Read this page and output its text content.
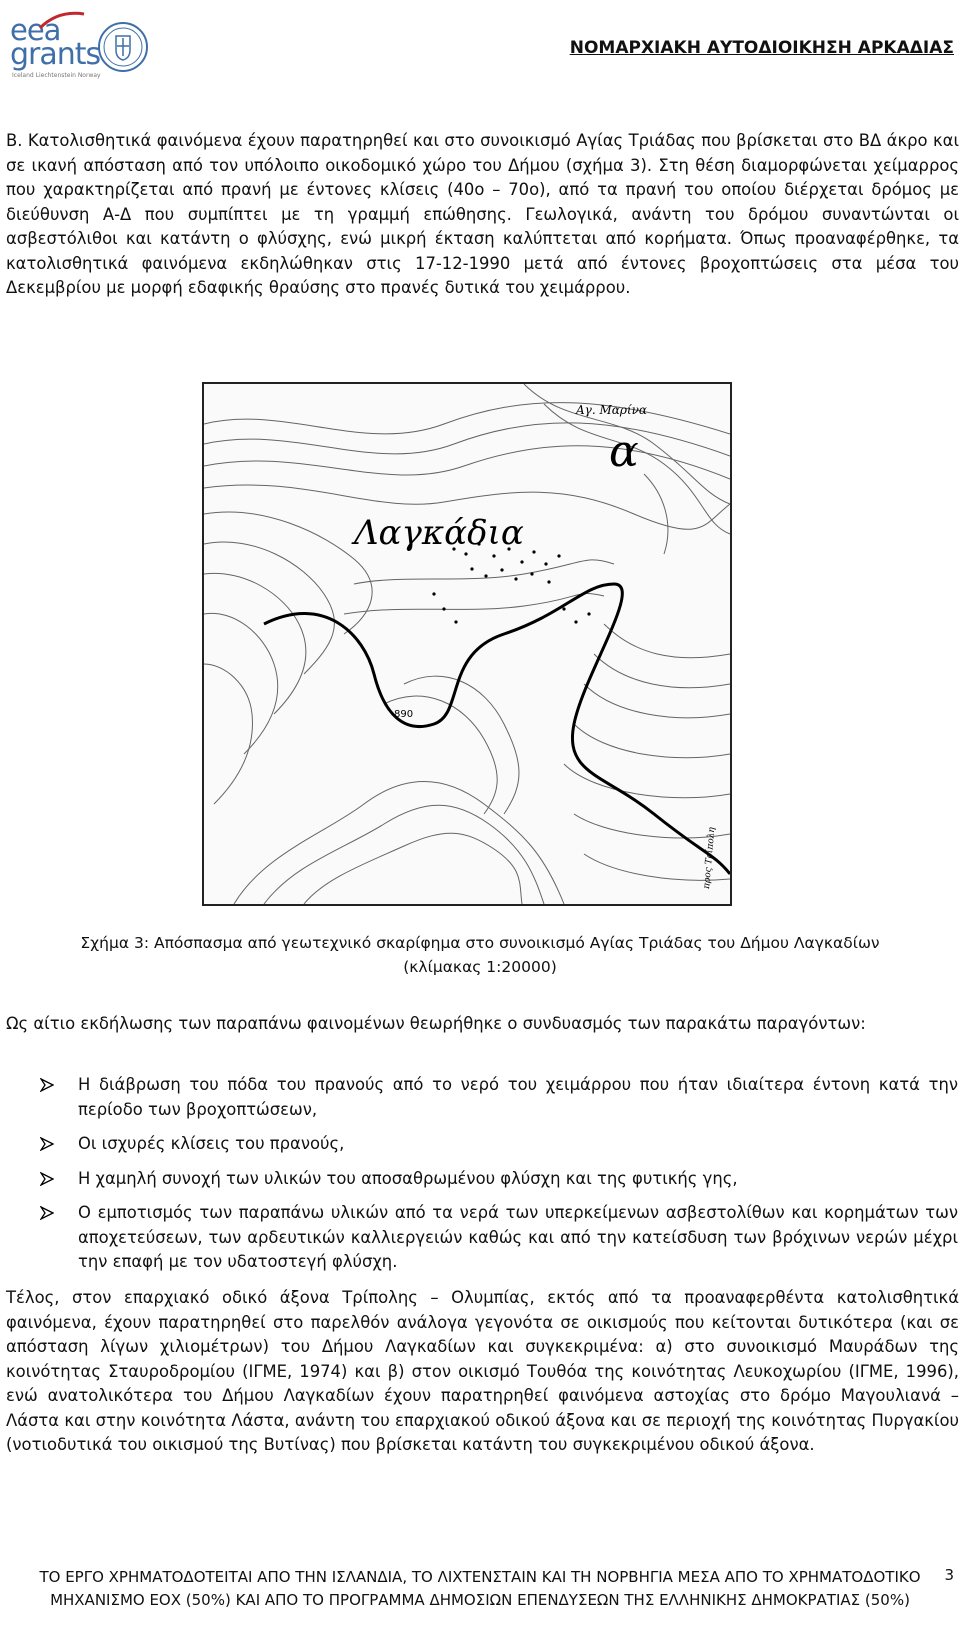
eea
grants
Iceland Liechtenstein Norway
ΝΟΜΑΡΧΙΑΚΗ ΑΥΤΟΔΙΟΙΚΗΣΗ ΑΡΚΑΔΙΑΣ

Β. Κατολισθητικά φαινόμενα έχουν παρατηρηθεί και στο συνοικισμό Αγίας Τριάδας που βρίσκεται στο ΒΔ άκρο και σε ικανή απόσταση από τον υπόλοιπο οικοδομικό χώρο του Δήμου (σχήμα 3). Στη θέση διαμορφώνεται χείμαρρος που χαρακτηρίζεται από πρανή με έντονες κλίσεις (40ο – 70ο), από τα πρανή του οποίου διέρχεται δρόμος με διεύθυνση Α-Δ που συμπίπτει με τη γραμμή επώθησης. Γεωλογικά, ανάντη του δρόμου συναντώνται οι ασβεστόλιθοι και κατάντη ο φλύσχης, ενώ μικρή έκταση καλύπτεται από κορήματα. Όπως προαναφέρθηκε, τα κατολισθητικά φαινόμενα εκδηλώθηκαν στις 17-12-1990 μετά από έντονες βροχοπτώσεις στα μέσα του Δεκεμβρίου με μορφή εδαφικής θραύσης στο πρανές δυτικά του χειμάρρου.

Λαγκάδια
Αγ. Μαρίνα
α
890
προς Τρίπολη
Σχήμα 3: Απόσπασμα από γεωτεχνικό σκαρίφημα στο συνοικισμό Αγίας Τριάδας του Δήμου Λαγκαδίων (κλίμακας 1:20000)

Ως αίτιο εκδήλωσης των παραπάνω φαινομένων θεωρήθηκε ο συνδυασμός των παρακάτω παραγόντων:

Η διάβρωση του πόδα του πρανούς από το νερό του χειμάρρου που ήταν ιδιαίτερα έντονη κατά την περίοδο των βροχοπτώσεων,
Οι ισχυρές κλίσεις του πρανούς,
Η χαμηλή συνοχή των υλικών του αποσαθρωμένου φλύσχη και της φυτικής γης,
Ο εμποτισμός των παραπάνω υλικών από τα νερά των υπερκείμενων ασβεστολίθων και κορημάτων των αποχετεύσεων, των αρδευτικών καλλιεργειών καθώς και από την κατείσδυση των βρόχινων νερών μέχρι την επαφή με τον υδατοστεγή φλύσχη.

Τέλος, στον επαρχιακό οδικό άξονα Τρίπολης – Ολυμπίας, εκτός από τα προαναφερθέντα κατολισθητικά φαινόμενα, έχουν παρατηρηθεί στο παρελθόν ανάλογα γεγονότα σε οικισμούς που κείτονται δυτικότερα (και σε απόσταση λίγων χιλιομέτρων) του Δήμου Λαγκαδίων και συγκεκριμένα: α) στο συνοικισμό Μαυράδων της κοινότητας Σταυροδρομίου (ΙΓΜΕ, 1974) και β) στον οικισμό Τουθόα της κοινότητας Λευκοχωρίου (ΙΓΜΕ, 1996), ενώ ανατολικότερα του Δήμου Λαγκαδίων έχουν παρατηρηθεί φαινόμενα αστοχίας στο δρόμο Μαγουλιανά – Λάστα και στην κοινότητα Λάστα, ανάντη του επαρχιακού οδικού άξονα και σε περιοχή της κοινότητας Πυργακίου (νοτιοδυτικά του οικισμού της Βυτίνας) που βρίσκεται κατάντη του συγκεκριμένου οδικού άξονα.

ΤΟ ΕΡΓΟ ΧΡΗΜΑΤΟΔΟΤΕΙΤΑΙ ΑΠΟ ΤΗΝ ΙΣΛΑΝΔΙΑ, ΤΟ ΛΙΧΤΕΝΣΤΑΙΝ ΚΑΙ ΤΗ ΝΟΡΒΗΓΙΑ ΜΕΣΑ ΑΠΟ ΤΟ ΧΡΗΜΑΤΟΔΟΤΙΚΟ ΜΗΧΑΝΙΣΜΟ ΕΟΧ (50%) ΚΑΙ ΑΠΟ ΤΟ ΠΡΟΓΡΑΜΜΑ ΔΗΜΟΣΙΩΝ ΕΠΕΝΔΥΣΕΩΝ ΤΗΣ ΕΛΛΗΝΙΚΗΣ ΔΗΜΟΚΡΑΤΙΑΣ (50%)
3
